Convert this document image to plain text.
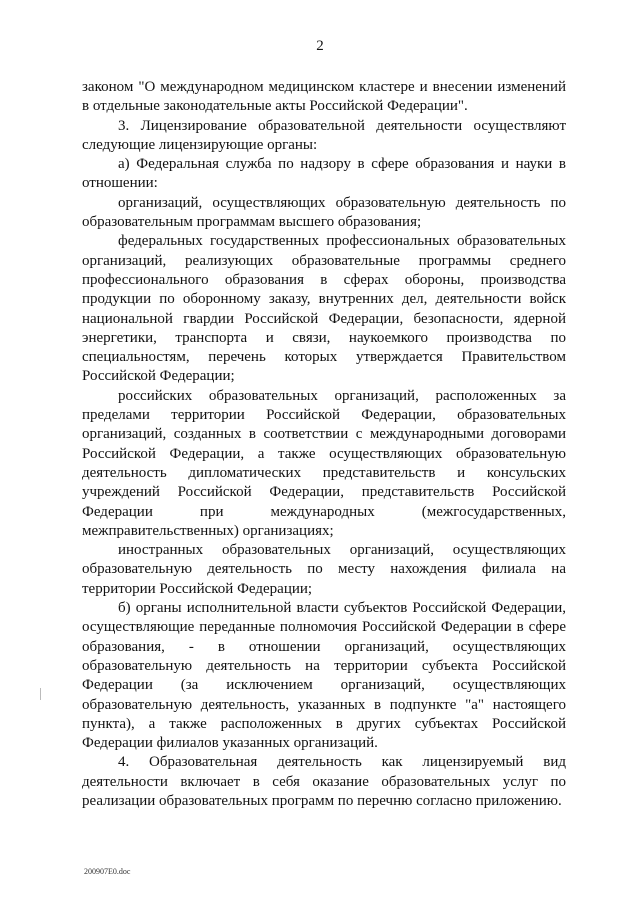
2

законом "О международном медицинском кластере и внесении изменений в отдельные законодательные акты Российской Федерации".

3. Лицензирование образовательной деятельности осуществляют следующие лицензирующие органы:

а) Федеральная служба по надзору в сфере образования и науки в отношении:

организаций, осуществляющих образовательную деятельность по образовательным программам высшего образования;

федеральных государственных профессиональных образовательных организаций, реализующих образовательные программы среднего профессионального образования в сферах обороны, производства продукции по оборонному заказу, внутренних дел, деятельности войск национальной гвардии Российской Федерации, безопасности, ядерной энергетики, транспорта и связи, наукоемкого производства по специальностям, перечень которых утверждается Правительством Российской Федерации;

российских образовательных организаций, расположенных за пределами территории Российской Федерации, образовательных организаций, созданных в соответствии с международными договорами Российской Федерации, а также осуществляющих образовательную деятельность дипломатических представительств и консульских учреждений Российской Федерации, представительств Российской Федерации при международных (межгосударственных, межправительственных) организациях;

иностранных образовательных организаций, осуществляющих образовательную деятельность по месту нахождения филиала на территории Российской Федерации;

б) органы исполнительной власти субъектов Российской Федерации, осуществляющие переданные полномочия Российской Федерации в сфере образования, - в отношении организаций, осуществляющих образовательную деятельность на территории субъекта Российской Федерации (за исключением организаций, осуществляющих образовательную деятельность, указанных в подпункте "а" настоящего пункта), а также расположенных в других субъектах Российской Федерации филиалов указанных организаций.

4. Образовательная деятельность как лицензируемый вид деятельности включает в себя оказание образовательных услуг по реализации образовательных программ по перечню согласно приложению.

200907E0.doc
